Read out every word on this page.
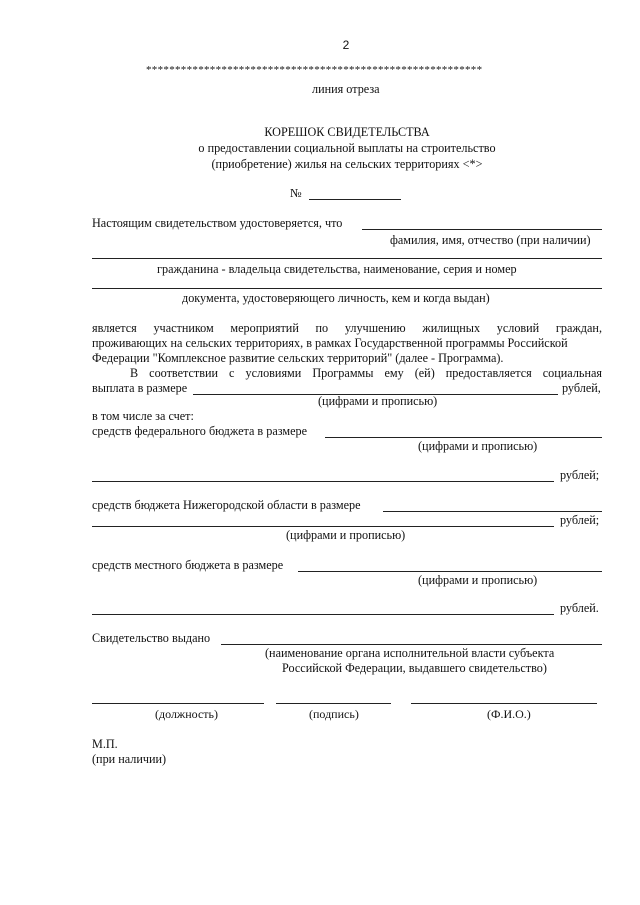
2
**********************************************************
линия отреза
КОРЕШОК СВИДЕТЕЛЬСТВА
о предоставлении социальной выплаты на строительство
(приобретение) жилья на сельских территориях <*>
№
Настоящим свидетельством удостоверяется, что
фамилия, имя, отчество (при наличии)
гражданина - владельца свидетельства, наименование, серия и номер
документа, удостоверяющего личность, кем и когда выдан)
является участником мероприятий по улучшению жилищных условий граждан,
проживающих на сельских территориях, в рамках Государственной программы Российской
Федерации "Комплексное развитие сельских территорий" (далее - Программа).
В соответствии с условиями Программы ему (ей) предоставляется социальная
выплата в размере	рублей,
(цифрами и прописью)
в том числе за счет:
средств федерального бюджета в размере
(цифрами и прописью)
рублей;
средств бюджета Нижегородской области в размере
рублей;
(цифрами и прописью)
средств местного бюджета в размере
(цифрами и прописью)
рублей.
Свидетельство выдано
(наименование органа исполнительной власти субъекта
Российской Федерации, выдавшего свидетельство)
(должность)	(подпись)	(Ф.И.О.)
М.П.
(при наличии)
